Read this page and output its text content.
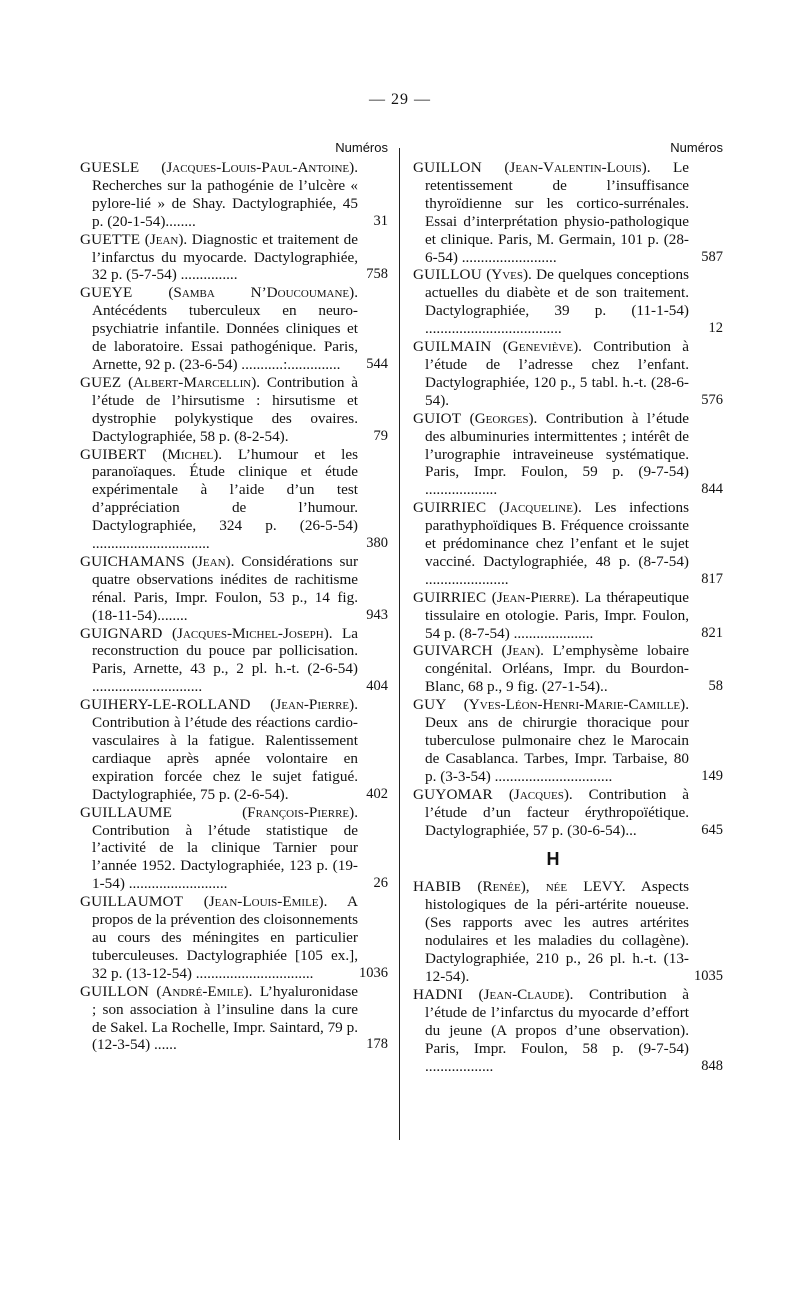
— 29 —
Numéros
GUESLE (Jacques-Louis-Paul-Antoine). Recherches sur la pathogénie de l’ulcère « pylore-lié » de Shay. Dactylographiée, 45 p. (20-1-54)........	31
GUETTE (Jean). Diagnostic et traitement de l’infarctus du myocarde. Dactylographiée, 32 p. (5-7-54) ...............	758
GUEYE (Samba N’Doucoumane). Antécédents tuberculeux en neuro-psychiatrie infantile. Données cliniques et de laboratoire. Essai pathogénique. Paris, Arnette, 92 p. (23-6-54) ...........:.............. 544
GUEZ (Albert-Marcellin). Contribution à l’étude de l’hirsutisme : hirsutisme et dystrophie polykystique des ovaires. Dactylographiée, 58 p. (8-2-54).	79
GUIBERT (Michel). L’humour et les paranoïaques. Étude clinique et étude expérimentale à l’aide d’un test d’appréciation de l’humour. Dactylographiée, 324 p. (26-5-54) ...............................	380
GUICHAMANS (Jean). Considérations sur quatre observations inédites de rachitisme rénal. Paris, Impr. Foulon, 53 p., 14 fig. (18-11-54)........	943
GUIGNARD (Jacques-Michel-Joseph). La reconstruction du pouce par pollicisation. Paris, Arnette, 43 p., 2 pl. h.-t. (2-6-54) .............................	404
GUIHERY-LE-ROLLAND (Jean-Pierre). Contribution à l’étude des réactions cardio-vasculaires à la fatigue. Ralentissement cardiaque après apnée volontaire en expiration forcée chez le sujet fatigué. Dactylographiée, 75 p. (2-6-54).	402
GUILLAUME	(François-Pierre). Contribution à l’étude statistique de l’activité de la clinique Tarnier pour l’année 1952. Dactylographiée, 123 p. (19-1-54) ..........................	26
GUILLAUMOT (Jean-Louis-Emile). A propos de la prévention des cloisonnements au cours des méningites en particulier tuberculeuses. Dactylographiée [105 ex.], 32 p. (13-12-54) ...............................	1036
GUILLON (André-Emile). L’hyaluronidase ; son association à l’insuline dans la cure de Sakel. La Rochelle, Impr. Saintard, 79 p. (12-3-54) ......	178
Numéros
GUILLON (Jean-Valentin-Louis). Le retentissement de l’insuffisance thyroïdienne sur les cortico-surrénales. Essai d’interprétation physio-pathologique et clinique. Paris, M. Germain, 101 p. (28-6-54) .........................	587
GUILLOU (Yves). De quelques conceptions actuelles du diabète et de son traitement. Dactylographiée, 39 p. (11-1-54) ....................................	12
GUILMAIN (Geneviève). Contribution à l’étude de l’adresse chez l’enfant. Dactylographiée, 120 p., 5 tabl. h.-t. (28-6-54).	576
GUIOT (Georges). Contribution à l’étude des albuminuries intermittentes ; intérêt de l’urographie intraveineuse systématique. Paris, Impr. Foulon, 59 p. (9-7-54) ...................	844
GUIRRIEC (Jacqueline). Les infections parathyphoïdiques B. Fréquence croissante et prédominance chez l’enfant et le sujet vacciné. Dactylographiée, 48 p. (8-7-54) ......................	817
GUIRRIEC (Jean-Pierre). La thérapeutique tissulaire en otologie. Paris, Impr. Foulon, 54 p. (8-7-54) .....................	821
GUIVARCH (Jean). L’emphysème lobaire congénital. Orléans, Impr. du Bourdon-Blanc, 68 p., 9 fig. (27-1-54)..	58
GUY (Yves-Léon-Henri-Marie-Camille). Deux ans de chirurgie thoracique pour tuberculose pulmonaire chez le Marocain de Casablanca. Tarbes, Impr. Tarbaise, 80 p. (3-3-54) ...............................	149
GUYOMAR (Jacques). Contribution à l’étude d’un facteur érythropoïétique. Dactylographiée, 57 p. (30-6-54)...	645
H
HABIB (Renée), née LEVY. Aspects histologiques de la péri-artérite noueuse. (Ses rapports avec les autres artérites nodulaires et les maladies du collagène). Dactylographiée, 210 p., 26 pl. h.-t. (13-12-54).	1035
HADNI (Jean-Claude). Contribution à l’étude de l’infarctus du myocarde d’effort du jeune (A propos d’une observation). Paris, Impr. Foulon, 58 p. (9-7-54) ..................	848
